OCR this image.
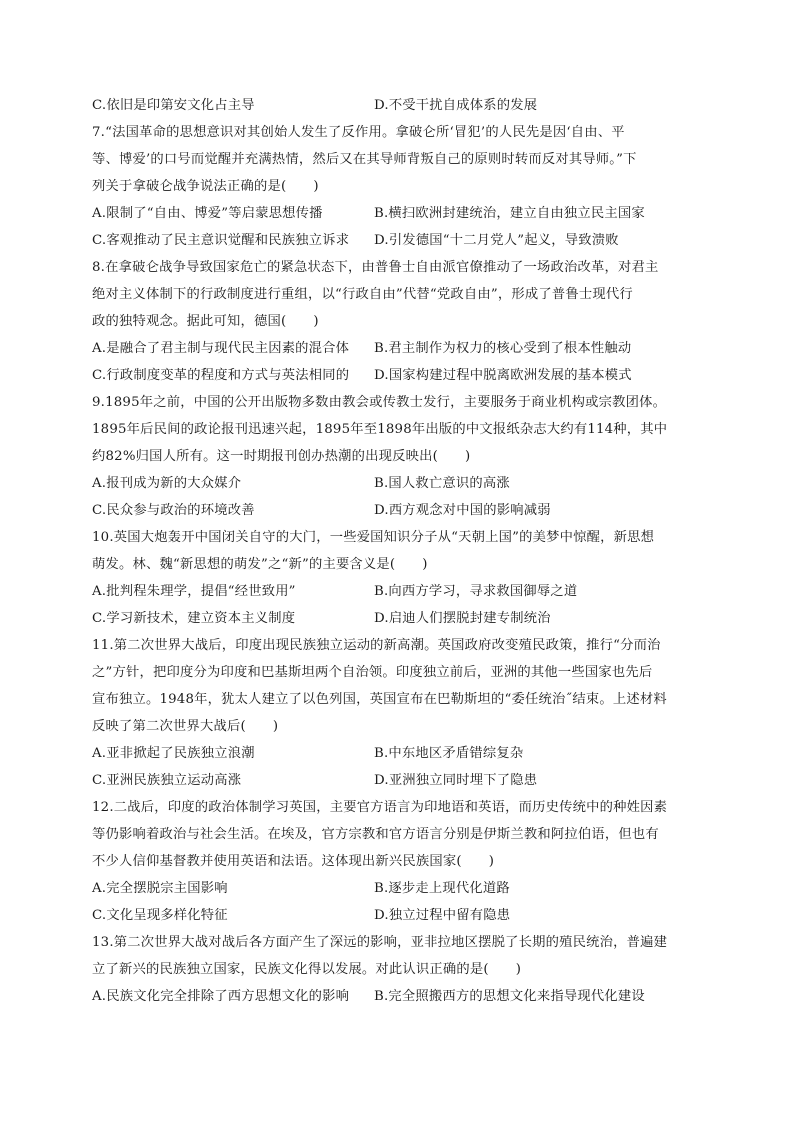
C.依旧是印第安文化占主导	D.不受干扰自成体系的发展
7.“法国革命的思想意识对其创始人发生了反作用。拿破仑所‘冒犯’的人民先是因‘自由、平
等、博爱’的口号而觉醒并充满热情，然后又在其导师背叛自己的原则时转而反对其导师。”下
列关于拿破仑战争说法正确的是(　　)
A.限制了“自由、博爱”等启蒙思想传播	B.横扫欧洲封建统治，建立自由独立民主国家
C.客观推动了民主意识觉醒和民族独立诉求	D.引发德国“十二月党人”起义，导致溃败
8.在拿破仑战争导致国家危亡的紧急状态下，由普鲁士自由派官僚推动了一场政治改革，对君主
绝对主义体制下的行政制度进行重组，以“行政自由”代替“党政自由”，形成了普鲁士现代行
政的独特观念。据此可知，德国(　　)
A.是融合了君主制与现代民主因素的混合体	B.君主制作为权力的核心受到了根本性触动
C.行政制度变革的程度和方式与英法相同的	D.国家构建过程中脱离欧洲发展的基本模式
9.1895年之前，中国的公开出版物多数由教会或传教士发行，主要服务于商业机构或宗教团体。
1895年后民间的政论报刊迅速兴起，1895年至1898年出版的中文报纸杂志大约有114种，其中
约82%归国人所有。这一时期报刊创办热潮的出现反映出(　　)
A.报刊成为新的大众媒介	B.国人救亡意识的高涨
C.民众参与政治的环境改善	D.西方观念对中国的影响减弱
10.英国大炮轰开中国闭关自守的大门，一些爱国知识分子从“天朝上国”的美梦中惊醒，新思想
萌发。林、魏“新思想的萌发”之“新”的主要含义是(　　)
A.批判程朱理学，提倡“经世致用”	B.向西方学习，寻求救国御辱之道
C.学习新技术，建立资本主义制度	D.启迪人们摆脱封建专制统治
11.第二次世界大战后，印度出现民族独立运动的新高潮。英国政府改变殖民政策，推行“分而治
之”方针，把印度分为印度和巴基斯坦两个自治领。印度独立前后，亚洲的其他一些国家也先后
宣布独立。1948年，犹太人建立了以色列国，英国宣布在巴勒斯坦的“委任统治˝结束。上述材料
反映了第二次世界大战后(　　)
A.亚非掀起了民族独立浪潮	B.中东地区矛盾错综复杂
C.亚洲民族独立运动高涨	D.亚洲独立同时埋下了隐患
12.二战后，印度的政治体制学习英国，主要官方语言为印地语和英语，而历史传统中的种姓因素
等仍影响着政治与社会生活。在埃及，官方宗教和官方语言分别是伊斯兰教和阿拉伯语，但也有
不少人信仰基督教并使用英语和法语。这体现出新兴民族国家(　　)
A.完全摆脱宗主国影响	B.逐步走上现代化道路
C.文化呈现多样化特征	D.独立过程中留有隐患
13.第二次世界大战对战后各方面产生了深远的影响，亚非拉地区摆脱了长期的殖民统治，普遍建
立了新兴的民族独立国家，民族文化得以发展。对此认识正确的是(　　)
A.民族文化完全排除了西方思想文化的影响	B.完全照搬西方的思想文化来指导现代化建设
